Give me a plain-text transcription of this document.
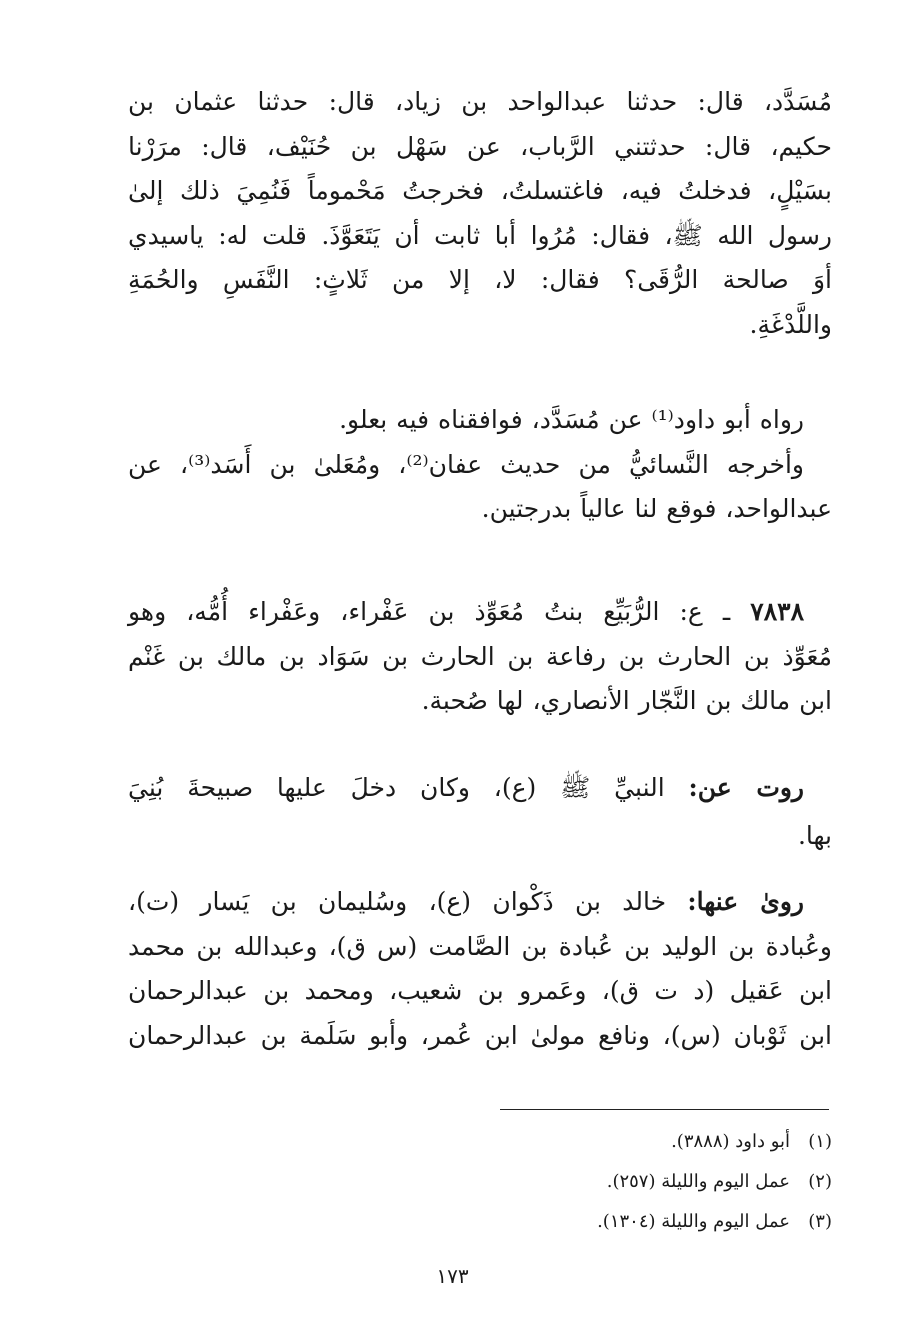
مُسَدَّد، قال: حدثنا عبدالواحد بن زياد، قال: حدثنا عثمان بن
حكيم، قال: حدثتني الرَّباب، عن سَهْل بن حُنَيْف، قال: مرَرْنا
بسَيْلٍ، فدخلتُ فيه، فاغتسلتُ، فخرجتُ مَحْموماً فَنُمِيَ ذلك إلىٰ
رسول الله ﷺ، فقال: مُرُوا أبا ثابت أن يَتَعَوَّذَ. قلت له: ياسيدي
أوَ صالحة الرُّقَى؟ فقال: لا، إلا من ثَلاثٍ: النَّفَسِ والحُمَةِ
واللَّدْغَةِ.
رواه أبو داود⁽¹⁾ عن مُسَدَّد، فوافقناه فيه بعلو.
وأخرجه النَّسائيُّ من حديث عفان⁽²⁾، ومُعَلىٰ بن أَسَد⁽³⁾، عن
عبدالواحد، فوقع لنا عالياً بدرجتين.
٧٨٣٨ ـ ع: الرُّبَيِّع بنتُ مُعَوِّذ بن عَفْراء، وعَفْراء أُمُّه، وهو
مُعَوِّذ بن الحارث بن رفاعة بن الحارث بن سَوَاد بن مالك بن غَنْم
ابن مالك بن النَّجّار الأنصاري، لها صُحبة.
روت عن: النبيِّ ﷺ (ع)، وكان دخلَ عليها صبيحةَ بُنِيَ
بها.
روىٰ عنها: خالد بن ذَكْوان (ع)، وسُليمان بن يَسار (ت)،
وعُبادة بن الوليد بن عُبادة بن الصَّامت (س ق)، وعبدالله بن محمد
ابن عَقيل (د ت ق)، وعَمرو بن شعيب، ومحمد بن عبدالرحمان
ابن ثَوْبان (س)، ونافع مولىٰ ابن عُمر، وأبو سَلَمة بن عبدالرحمان
(١)أبو داود (٣٨٨٨).
(٢)عمل اليوم والليلة (٢٥٧).
(٣)عمل اليوم والليلة (١٣٠٤).
١٧٣
